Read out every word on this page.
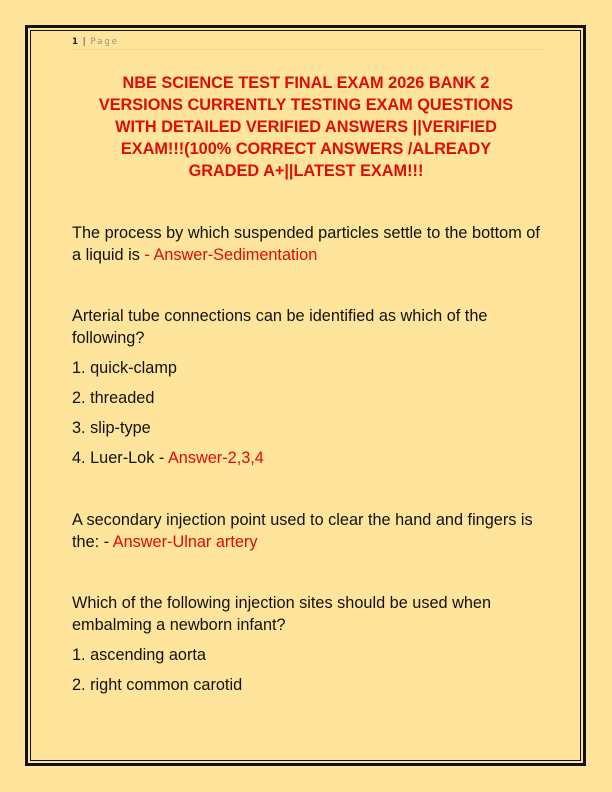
1 | Page
NBE SCIENCE TEST FINAL EXAM 2026 BANK 2
VERSIONS CURRENTLY TESTING EXAM QUESTIONS
WITH DETAILED VERIFIED ANSWERS ||VERIFIED
EXAM!!!(100% CORRECT ANSWERS /ALREADY
GRADED A+||LATEST EXAM!!!

The process by which suspended particles settle to the bottom of a liquid is - Answer-Sedimentation

Arterial tube connections can be identified as which of the following?

1. quick-clamp

2. threaded

3. slip-type

4. Luer-Lok - Answer-2,3,4

A secondary injection point used to clear the hand and fingers is the: - Answer-Ulnar artery

Which of the following injection sites should be used when embalming a newborn infant?

1. ascending aorta

2. right common carotid
